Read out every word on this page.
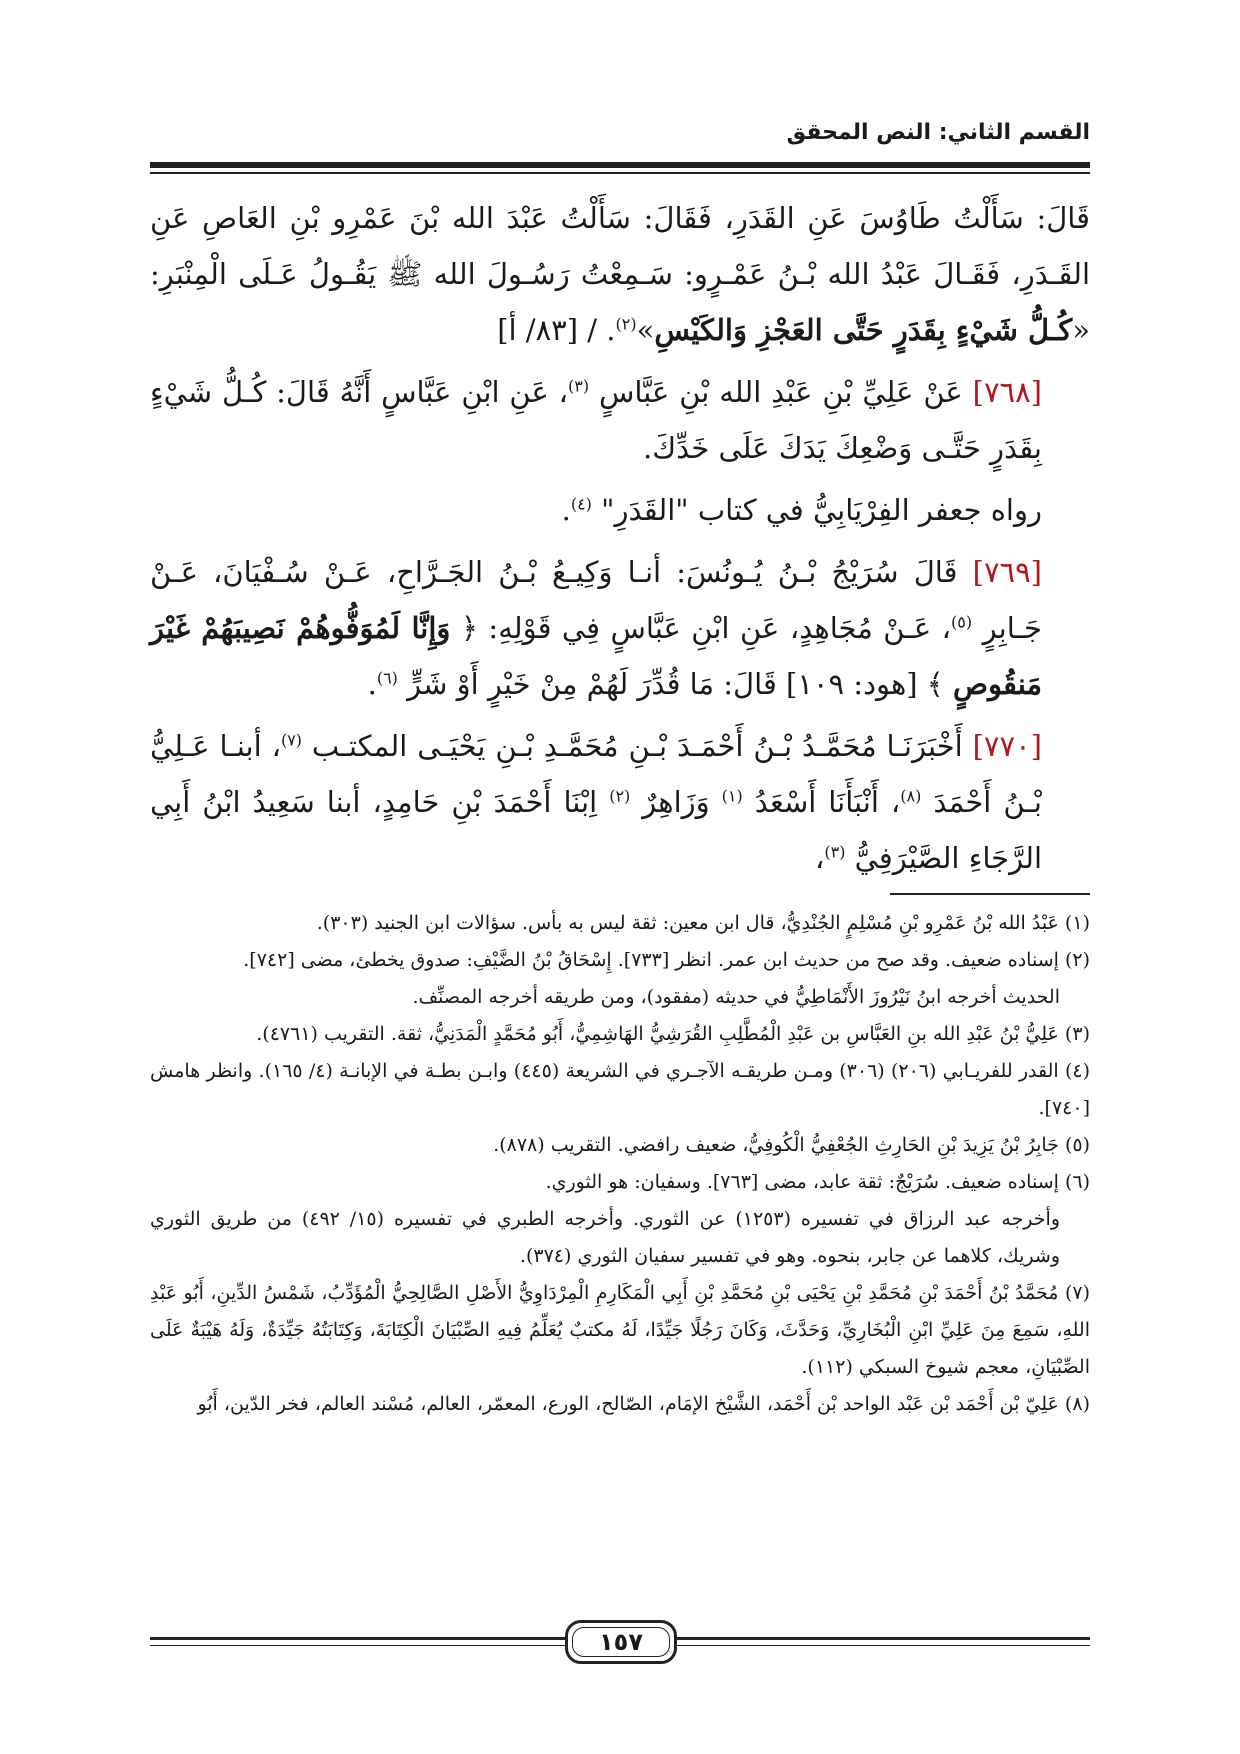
القسم الثاني: النص المحقق

قَالَ: سَأَلْتُ طَاوُسَ عَنِ القَدَرِ، فَقَالَ: سَأَلْتُ عَبْدَ الله بْنَ عَمْرِو بْنِ العَاصِ عَنِ القَـدَرِ، فَقَـالَ عَبْدُ الله بْـنُ عَمْـرٍو: سَـمِعْتُ رَسُـولَ الله ﷺ يَقُـولُ عَـلَى الْمِنْبَرِ: «كُـلُّ شَيْءٍ بِقَدَرٍ حَتَّى العَجْزِ وَالكَيْسِ»$^{(٢)}$. / [٨٣/ أ]

[٧٦٨] عَنْ عَلِيِّ بْنِ عَبْدِ الله بْنِ عَبَّاسٍ $^{(٣)}$، عَنِ ابْنِ عَبَّاسٍ أَنَّهُ قَالَ: كُـلُّ شَيْءٍ بِقَدَرٍ حَتَّـى وَضْعِكَ يَدَكَ عَلَى خَدِّكَ.

رواه جعفر الفِرْيَابِيُّ في كتاب "القَدَرِ" $^{(٤)}$.

[٧٦٩] قَالَ سُرَيْجُ بْـنُ يُـونُسَ: أنـا وَكِيـعُ بْـنُ الجَـرَّاحِ، عَـنْ سُـفْيَانَ، عَـنْ جَـابِرٍ $^{(٥)}$، عَـنْ مُجَاهِدٍ، عَنِ ابْنِ عَبَّاسٍ فِي قَوْلِهِ: ﴿ وَإِنَّا لَمُوَفُّوهُمْ نَصِيبَهُمْ غَيْرَ مَنقُوصٍ ﴾ [هود: ١٠٩] قَالَ: مَا قُدِّرَ لَهُمْ مِنْ خَيْرٍ أَوْ شَرٍّ $^{(٦)}$.

[٧٧٠] أَخْبَرَنَـا مُحَمَّـدُ بْـنُ أَحْمَـدَ بْـنِ مُحَمَّـدِ بْـنِ يَحْيَـى المكتـب $^{(٧)}$، أبنـا عَـلِيُّ بْـنُ أَحْمَدَ $^{(٨)}$، أَنْبَأَنَا أَسْعَدُ $^{(١)}$ وَزَاهِرٌ $^{(٢)}$ اِبْنَا أَحْمَدَ بْنِ حَامِدٍ، أبنا سَعِيدُ ابْنُ أَبِي الرَّجَاءِ الصَّيْرَفِيُّ $^{(٣)}$،

(١) عَبْدُ الله بْنُ عَمْرِو بْنِ مُسْلِمٍ الجُنْدِيُّ، قال ابن معين: ثقة ليس به بأس. سؤالات ابن الجنيد (٣٠٣).

(٢) إسناده ضعيف. وقد صح من حديث ابن عمر. انظر [٧٣٣]. إِسْحَاقُ بْنُ الضَّيْفِ: صدوق يخطئ، مضى [٧٤٢].

الحديث أخرجه ابنُ نَيْرُوزَ الأَنْمَاطِيُّ في حديثه (مفقود)، ومن طريقه أخرجه المصنِّف.

(٣) عَلِيُّ بْنُ عَبْدِ الله بنِ العَبَّاسِ بن عَبْدِ الْمُطَّلِبِ القُرَشِيُّ الهَاشِمِيُّ، أَبُو مُحَمَّدٍ الْمَدَنِيُّ، ثقة. التقريب (٤٧٦١).

(٤) القدر للفريـابي (٢٠٦) (٣٠٦) ومـن طريقـه الآجـري في الشريعة (٤٤٥) وابـن بطـة في الإبانـة (٤/ ١٦٥). وانظر هامش [٧٤٠].

(٥) جَابِرُ بْنُ يَزِيدَ بْنِ الحَارِثِ الجُعْفِيُّ الْكُوفِيُّ، ضعيف رافضي. التقريب (٨٧٨).

(٦) إسناده ضعيف. سُرَيْجٌ: ثقة عابد، مضى [٧٦٣]. وسفيان: هو الثوري.

وأخرجه عبد الرزاق في تفسيره (١٢٥٣) عن الثوري. وأخرجه الطبري في تفسيره (١٥/ ٤٩٢) من طريق الثوري وشريك، كلاهما عن جابر، بنحوه. وهو في تفسير سفيان الثوري (٣٧٤).

(٧) مُحَمَّدُ بْنُ أَحْمَدَ بْنِ مُحَمَّدِ بْنِ يَحْيَى بْنِ مُحَمَّدِ بْنِ أَبِي الْمَكَارِمِ الْمِرْدَاوِيُّ الأَصْلِ الصَّالِحِيُّ الْمُؤَدِّبُ، شَمْسُ الدِّينِ، أَبُو عَبْدِ اللهِ، سَمِعَ مِنَ عَلِيِّ ابْنِ الْبُخَارِيِّ، وَحَدَّثَ، وَكَانَ رَجُلًا جَيِّدًا، لَهُ مكتبٌ يُعَلِّمُ فِيهِ الصِّبْيَانَ الْكِتَابَةَ، وَكِتَابَتُهُ جَيِّدَةٌ، وَلَهُ هَيْبَةٌ عَلَى الصِّبْيَانِ، معجم شيوخ السبكي (١١٢).

(٨) عَلِيّ بْن أَحْمَد بْن عَبْد الواحد بْن أَحْمَد، الشَّيْخ الإمَام، الصّالح، الورع، المعمّر، العالم، مُسْند العالم، فخر الدّين، أَبُو

١٥٧
